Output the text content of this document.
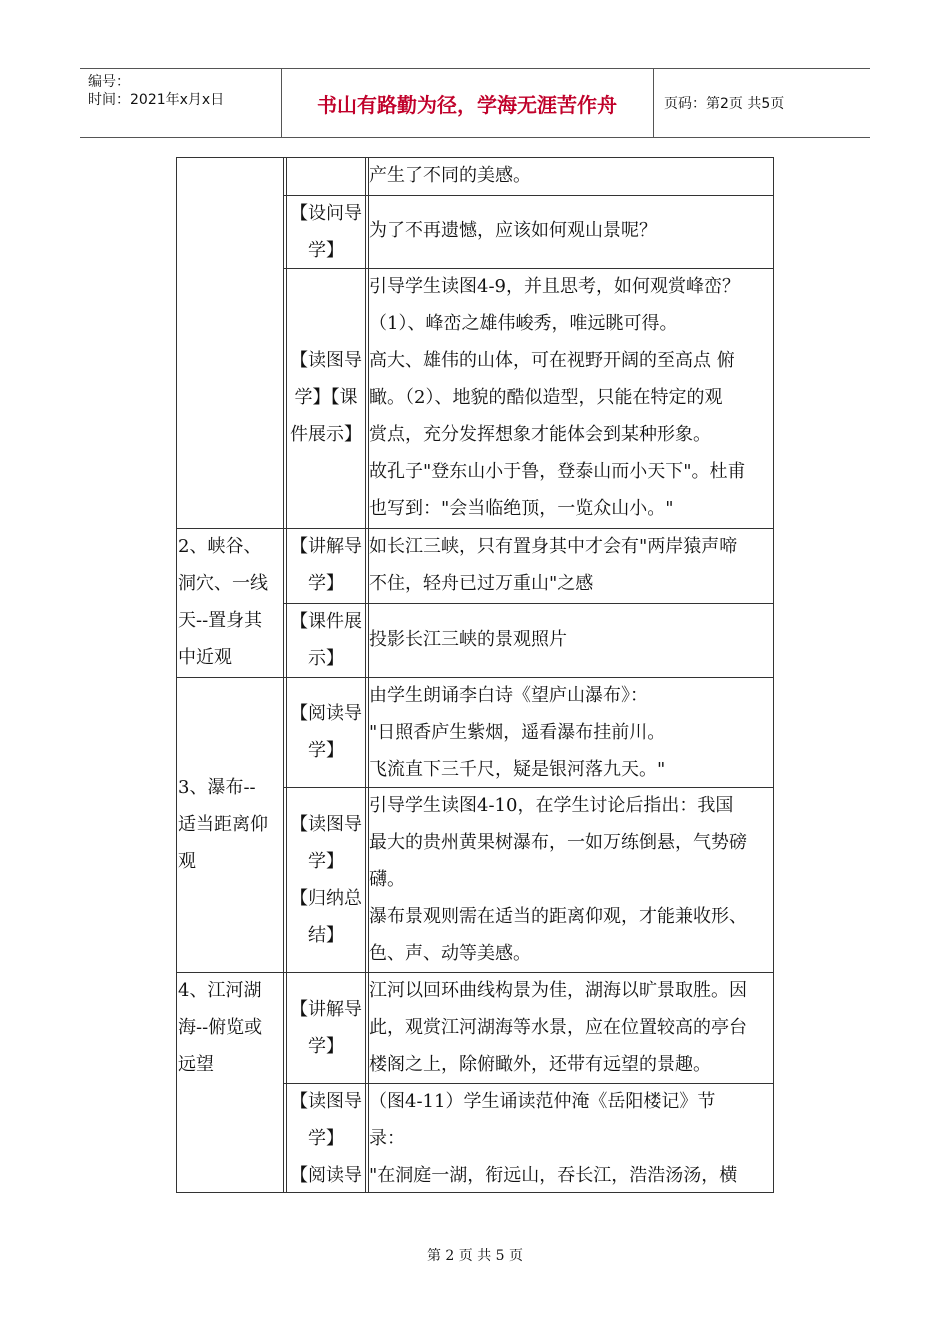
编号：
时间：2021年x月x日	书山有路勤为径，学海无涯苦作舟	页码：第2页 共5页
产生了不同的美感。
【设问导
学】
为了不再遗憾，应该如何观山景呢？
【读图导
学】【课
件展示】
引导学生读图4-9，并且思考，如何观赏峰峦？
（1）、峰峦之雄伟峻秀，唯远眺可得。
高大、雄伟的山体，可在视野开阔的至高点 俯
瞰。（2）、地貌的酷似造型，只能在特定的观
赏点，充分发挥想象才能体会到某种形象。
故孔子"登东山小于鲁，登泰山而小天下"。杜甫
也写到："会当临绝顶，一览众山小。"
2、峡谷、
洞穴、一线
天--置身其
中近观
【讲解导
学】
如长江三峡，只有置身其中才会有"两岸猿声啼
不住，轻舟已过万重山"之感
【课件展
示】
投影长江三峡的景观照片
3、瀑布--
适当距离仰
观
【阅读导
学】
由学生朗诵李白诗《望庐山瀑布》：
"日照香庐生紫烟，遥看瀑布挂前川。
飞流直下三千尺，疑是银河落九天。"
【读图导
学】
【归纳总
结】
引导学生读图4-10，在学生讨论后指出：我国
最大的贵州黄果树瀑布，一如万练倒悬，气势磅
礴。
瀑布景观则需在适当的距离仰观，才能兼收形、
色、声、动等美感。
4、江河湖
海--俯览或
远望
【讲解导
学】
江河以回环曲线构景为佳，湖海以旷景取胜。因
此，观赏江河湖海等水景，应在位置较高的亭台
楼阁之上，除俯瞰外，还带有远望的景趣。
【读图导
学】
【阅读导
（图4-11）学生诵读范仲淹《岳阳楼记》节
录：
"在洞庭一湖，衔远山，吞长江，浩浩汤汤，横
第 2 页 共 5 页
